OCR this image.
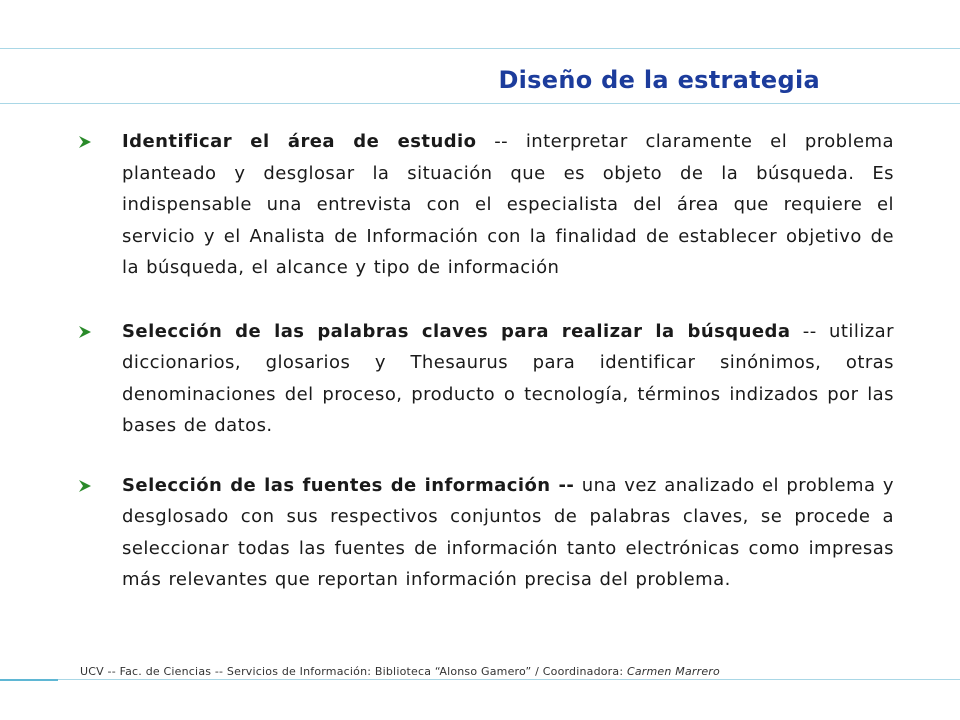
Diseño de la estrategia

Identificar el área de estudio -- interpretar claramente el problema planteado y desglosar la situación que es objeto de la búsqueda. Es indispensable una entrevista con el especialista del área que requiere el servicio y el Analista de Información con la finalidad de establecer objetivo de la búsqueda, el alcance y tipo de información

Selección de las palabras claves para realizar la búsqueda -- utilizar diccionarios, glosarios y Thesaurus para identificar sinónimos, otras denominaciones del proceso, producto o tecnología, términos indizados por las bases de datos.

Selección de las fuentes de información -- una vez analizado el problema y desglosado con sus respectivos conjuntos de palabras claves, se procede a seleccionar todas las fuentes de información tanto electrónicas como impresas más relevantes que reportan información precisa del problema.

UCV -- Fac. de Ciencias -- Servicios de Información: Biblioteca “Alonso Gamero” / Coordinadora: Carmen Marrero
